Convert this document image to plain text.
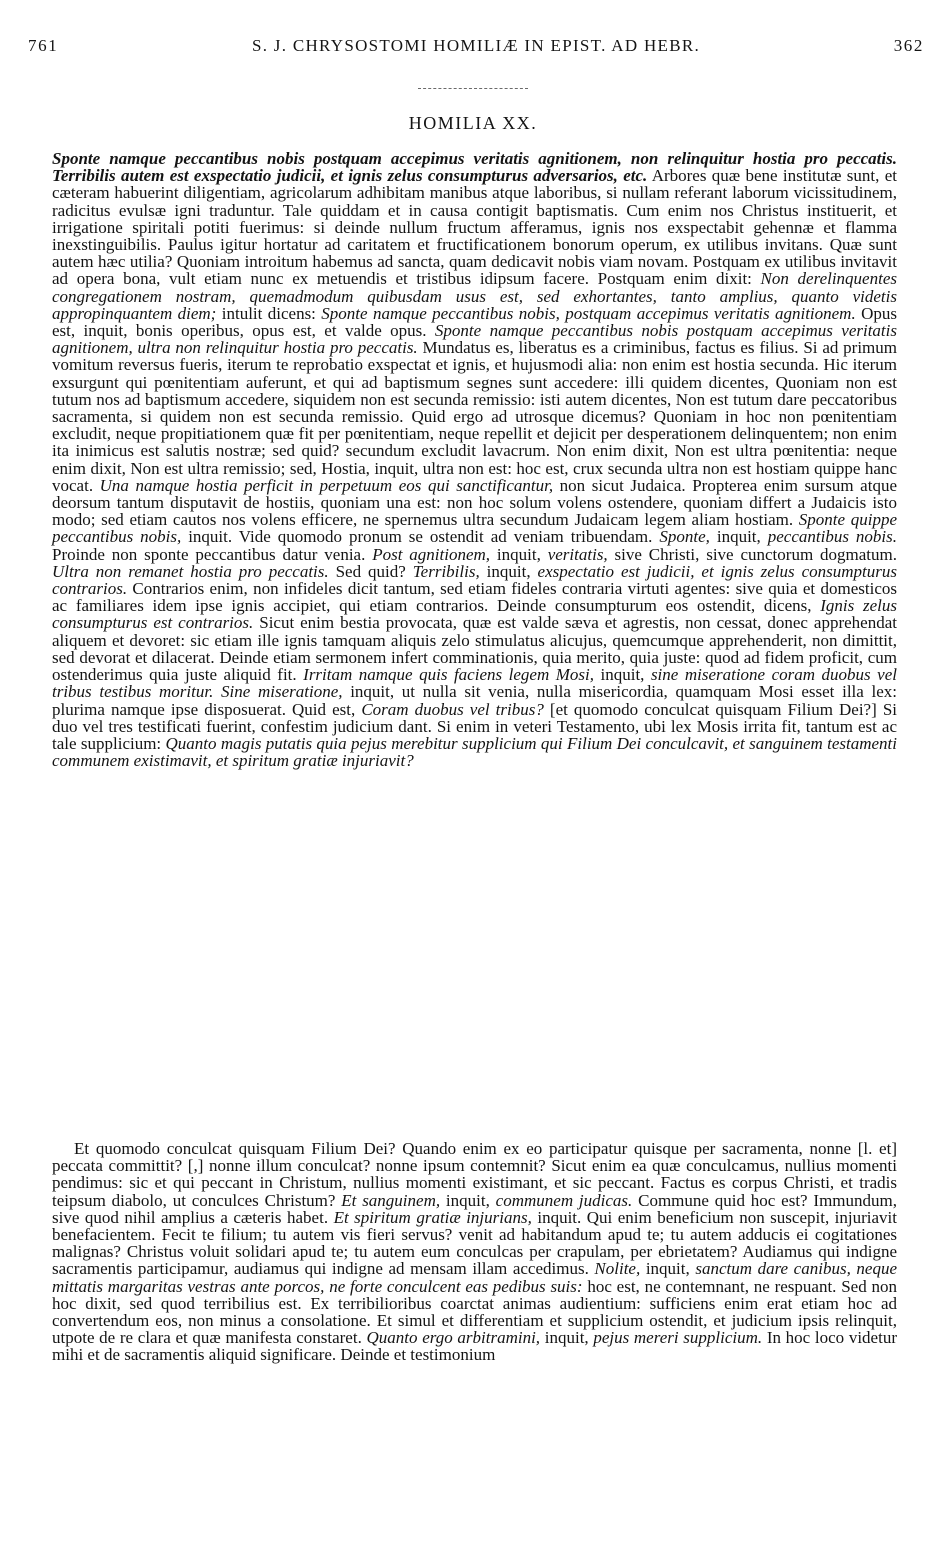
761	S. J. CHRYSOSTOMI HOMILIÆ IN EPIST. AD HEBR.	362
HOMILIA XX.

Sponte namque peccantibus nobis postquam accepimus veritatis agnitionem, non relinquitur hostia pro peccatis. Terribilis autem est exspectatio judicii, et ignis zelus consumpturus adversarios, etc. Arbores quæ bene institutæ sunt, et cæteram habuerint diligentiam, agricolarum adhibitam manibus atque laboribus, si nullam referant laborum vicissitudinem, radicitus evulsæ igni traduntur. Tale quiddam et in causa contigit baptismatis. Cum enim nos Christus instituerit, et irrigatione spiritali potiti fuerimus: si deinde nullum fructum afferamus, ignis nos exspectabit gehennæ et flamma inexstinguibilis. Paulus igitur hortatur ad caritatem et fructificationem bonorum operum, ex utilibus invitans. Quæ sunt autem hæc utilia? Quoniam introitum habemus ad sancta, quam dedicavit nobis viam novam. Postquam ex utilibus invitavit ad opera bona, vult etiam nunc ex metuendis et tristibus idipsum facere. Postquam enim dixit: Non derelinquentes congregationem nostram, quemadmodum quibusdam usus est, sed exhortantes, tanto amplius, quanto videtis appropinquantem diem; intulit dicens: Sponte namque peccantibus nobis, postquam accepimus veritatis agnitionem. Opus est, inquit, bonis operibus, opus est, et valde opus. Sponte namque peccantibus nobis postquam accepimus veritatis agnitionem, ultra non relinquitur hostia pro peccatis. Mundatus es, liberatus es a criminibus, factus es filius. Si ad primum vomitum reversus fueris, iterum te reprobatio exspectat et ignis, et hujusmodi alia: non enim est hostia secunda. Hic iterum exsurgunt qui pœnitentiam auferunt, et qui ad baptismum segnes sunt accedere: illi quidem dicentes, Quoniam non est tutum nos ad baptismum accedere, siquidem non est secunda remissio: isti autem dicentes, Non est tutum dare peccatoribus sacramenta, si quidem non est secunda remissio. Quid ergo ad utrosque dicemus? Quoniam in hoc non pœnitentiam excludit, neque propitiationem quæ fit per pœnitentiam, neque repellit et dejicit per desperationem delinquentem; non enim ita inimicus est salutis nostræ; sed quid? secundum excludit lavacrum. Non enim dixit, Non est ultra pœnitentia: neque enim dixit, Non est ultra remissio; sed, Hostia, inquit, ultra non est: hoc est, crux secunda ultra non est hostiam quippe hanc vocat. Una namque hostia perficit in perpetuum eos qui sanctificantur, non sicut Judaica. Propterea enim sursum atque deorsum tantum disputavit de hostiis, quoniam una est: non hoc solum volens ostendere, quoniam differt a Judaicis isto modo; sed etiam cautos nos volens efficere, ne spernemus ultra secundum Judaicam legem aliam hostiam. Sponte quippe peccantibus nobis, inquit. Vide quomodo pronum se ostendit ad veniam tribuendam. Sponte, inquit, peccantibus nobis. Proinde non sponte peccantibus datur venia. Post agnitionem, inquit, veritatis, sive Christi, sive cunctorum dogmatum. Ultra non remanet hostia pro peccatis. Sed quid? Terribilis, inquit, exspectatio est judicii, et ignis zelus consumpturus contrarios. Contrarios enim, non infideles dicit tantum, sed etiam fideles contraria virtuti agentes: sive quia et domesticos ac familiares idem ipse ignis accipiet, qui etiam contrarios. Deinde consumpturum eos ostendit, dicens, Ignis zelus consumpturus est contrarios. Sicut enim bestia provocata, quæ est valde sæva et agrestis, non cessat, donec apprehendat aliquem et devoret: sic etiam ille ignis tamquam aliquis zelo stimulatus alicujus, quemcumque apprehenderit, non dimittit, sed devorat et dilacerat. Deinde etiam sermonem infert comminationis, quia merito, quia juste: quod ad fidem proficit, cum ostenderimus quia juste aliquid fit. Irritam namque quis faciens legem Mosi, inquit, sine miseratione coram duobus vel tribus testibus moritur. Sine miseratione, inquit, ut nulla sit venia, nulla misericordia, quamquam Mosi esset illa lex: plurima namque ipse disposuerat. Quid est, Coram duobus vel tribus? [et quomodo conculcat quisquam Filium Dei?] Si duo vel tres testificati fuerint, confestim judicium dant. Si enim in veteri Testamento, ubi lex Mosis irrita fit, tantum est ac tale supplicium: Quanto magis putatis quia pejus merebitur supplicium qui Filium Dei conculcavit, et sanguinem testamenti communem existimavit, et spiritum gratiæ injuriavit?

Et quomodo conculcat quisquam Filium Dei? Quando enim ex eo participatur quisque per sacramenta, nonne [l. et] peccata committit? [,] nonne illum conculcat? nonne ipsum contemnit? Sicut enim ea quæ conculcamus, nullius momenti pendimus: sic et qui peccant in Christum, nullius momenti existimant, et sic peccant. Factus es corpus Christi, et tradis teipsum diabolo, ut conculces Christum? Et sanguinem, inquit, communem judicas. Commune quid hoc est? Immundum, sive quod nihil amplius a cæteris habet. Et spiritum gratiæ injurians, inquit. Qui enim beneficium non suscepit, injuriavit benefacientem. Fecit te filium; tu autem vis fieri servus? venit ad habitandum apud te; tu autem adducis ei cogitationes malignas? Christus voluit solidari apud te; tu autem eum conculcas per crapulam, per ebrietatem? Audiamus qui indigne sacramentis participamur, audiamus qui indigne ad mensam illam accedimus. Nolite, inquit, sanctum dare canibus, neque mittatis margaritas vestras ante porcos, ne forte conculcent eas pedibus suis: hoc est, ne contemnant, ne respuant. Sed non hoc dixit, sed quod terribilius est. Ex terribilioribus coarctat animas audientium: sufficiens enim erat etiam hoc ad convertendum eos, non minus a consolatione. Et simul et differentiam et supplicium ostendit, et judicium ipsis relinquit, utpote de re clara et quæ manifesta constaret. Quanto ergo arbitramini, inquit, pejus mereri supplicium. In hoc loco videtur mihi et de sacramentis aliquid significare. Deinde et testimonium
